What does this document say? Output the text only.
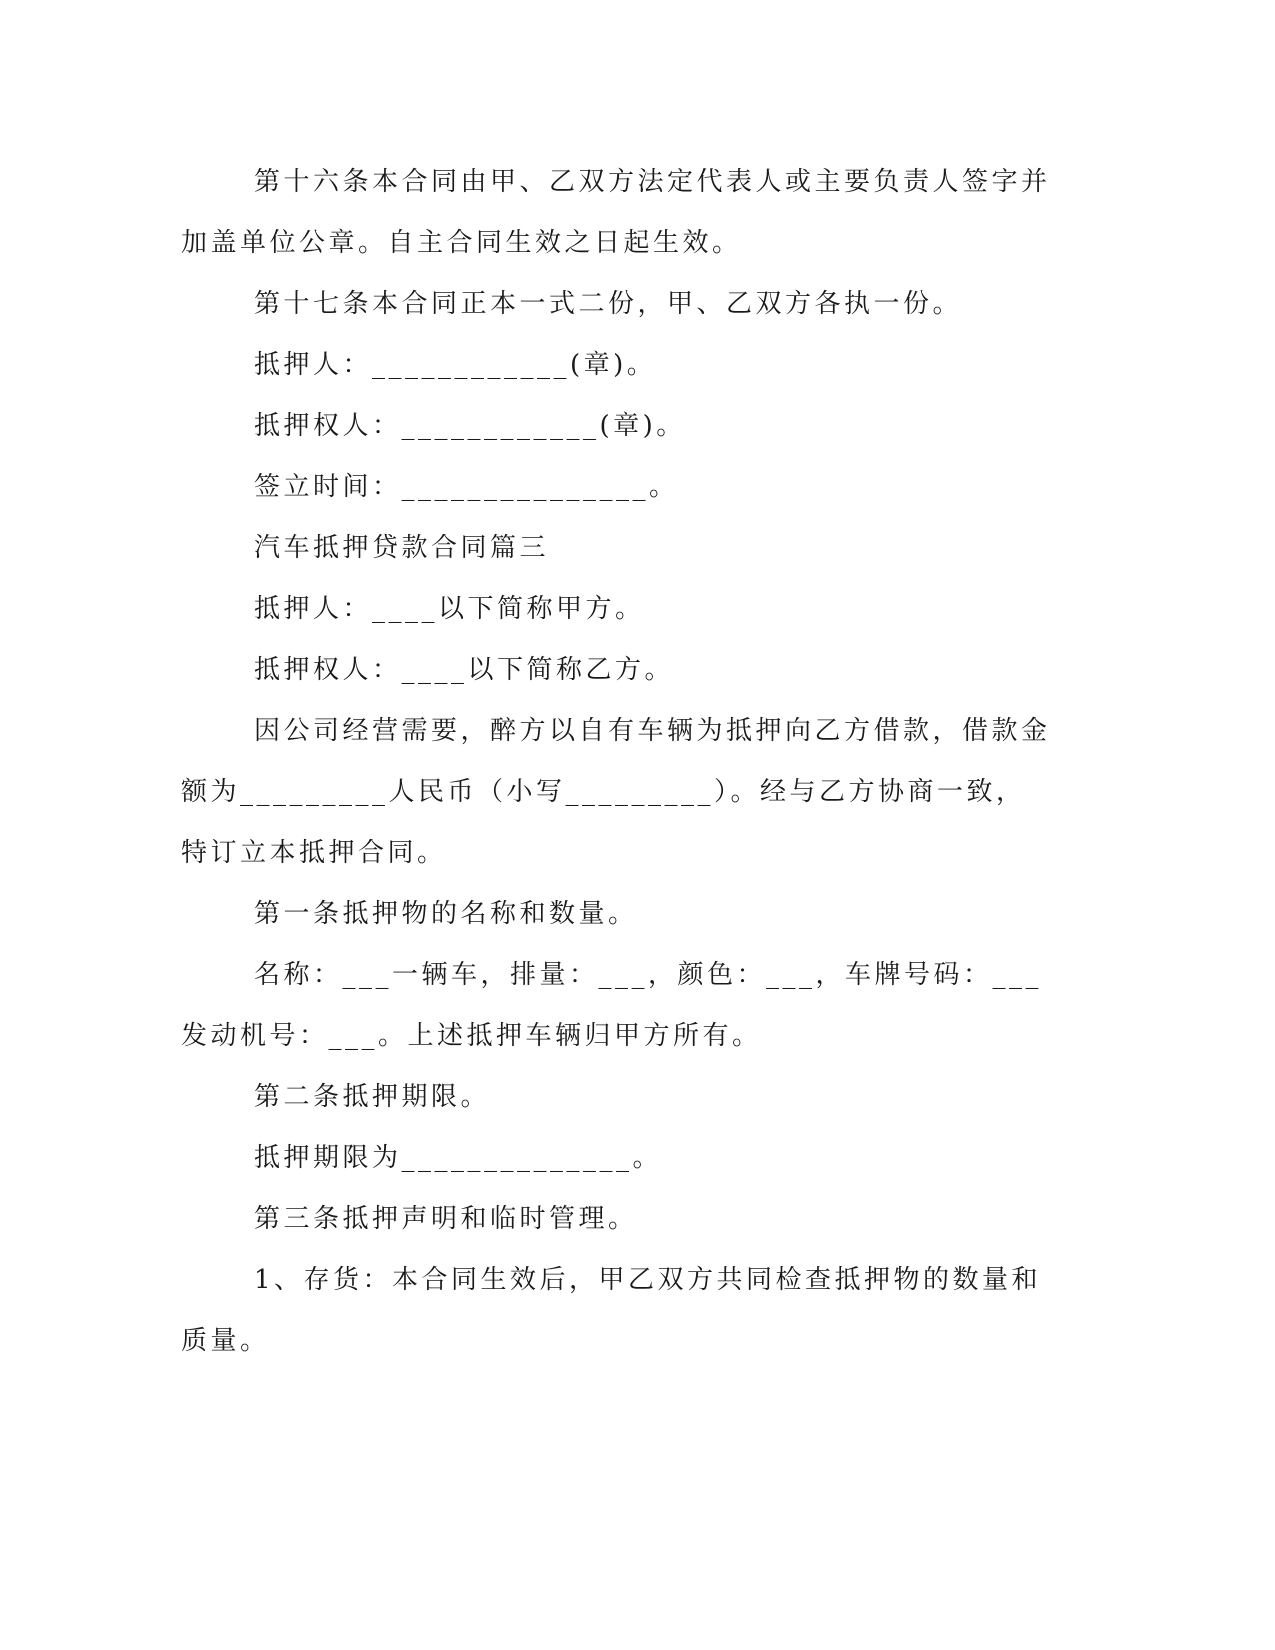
第十六条本合同由甲、乙双方法定代表人或主要负责人签字并加盖单位公章。自主合同生效之日起生效。

第十七条本合同正本一式二份，甲、乙双方各执一份。

抵押人：____________(章)。

抵押权人：____________(章)。

签立时间：_______________。

汽车抵押贷款合同篇三

抵押人：____以下简称甲方。

抵押权人：____以下简称乙方。

因公司经营需要，醉方以自有车辆为抵押向乙方借款，借款金额为_________人民币（小写_________）。经与乙方协商一致，特订立本抵押合同。

第一条抵押物的名称和数量。

名称：___一辆车，排量：___，颜色：___，车牌号码：___发动机号：___。上述抵押车辆归甲方所有。

第二条抵押期限。

抵押期限为______________。

第三条抵押声明和临时管理。

1、存货：本合同生效后，甲乙双方共同检查抵押物的数量和质量。
